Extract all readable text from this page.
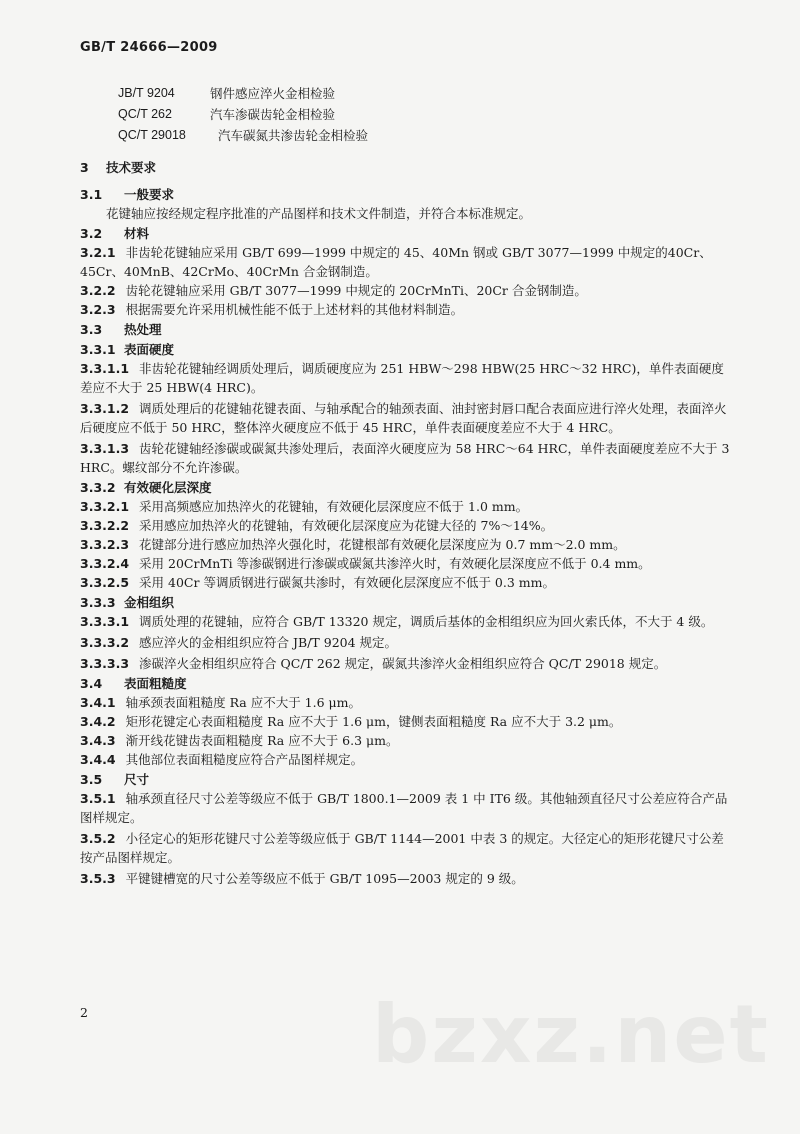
GB/T 24666—2009
JB/T 9204	钢件感应淬火金相检验
QC/T 262	汽车渗碳齿轮金相检验
QC/T 29018	汽车碳氮共渗齿轮金相检验
3	技术要求
3.1	一般要求

花键轴应按经规定程序批准的产品图样和技术文件制造，并符合本标准规定。

3.2	材料

3.2.1 非齿轮花键轴应采用 GB/T 699—1999 中规定的 45、40Mn 钢或 GB/T 3077—1999 中规定的40Cr、45Cr、40MnB、42CrMo、40CrMn 合金钢制造。

3.2.2 齿轮花键轴应采用 GB/T 3077—1999 中规定的 20CrMnTi、20Cr 合金钢制造。

3.2.3 根据需要允许采用机械性能不低于上述材料的其他材料制造。

3.3	热处理
3.3.1 表面硬度

3.3.1.1 非齿轮花键轴经调质处理后，调质硬度应为 251 HBW～298 HBW(25 HRC～32 HRC)，单件表面硬度差应不大于 25 HBW(4 HRC)。

3.3.1.2 调质处理后的花键轴花键表面、与轴承配合的轴颈表面、油封密封唇口配合表面应进行淬火处理，表面淬火后硬度应不低于 50 HRC，整体淬火硬度应不低于 45 HRC，单件表面硬度差应不大于 4 HRC。

3.3.1.3 齿轮花键轴经渗碳或碳氮共渗处理后，表面淬火硬度应为 58 HRC～64 HRC，单件表面硬度差应不大于 3 HRC。螺纹部分不允许渗碳。

3.3.2 有效硬化层深度

3.3.2.1 采用高频感应加热淬火的花键轴，有效硬化层深度应不低于 1.0 mm。

3.3.2.2 采用感应加热淬火的花键轴，有效硬化层深度应为花键大径的 7%～14%。

3.3.2.3 花键部分进行感应加热淬火强化时，花键根部有效硬化层深度应为 0.7 mm～2.0 mm。

3.3.2.4 采用 20CrMnTi 等渗碳钢进行渗碳或碳氮共渗淬火时，有效硬化层深度应不低于 0.4 mm。

3.3.2.5 采用 40Cr 等调质钢进行碳氮共渗时，有效硬化层深度应不低于 0.3 mm。

3.3.3 金相组织

3.3.3.1 调质处理的花键轴，应符合 GB/T 13320 规定，调质后基体的金相组织应为回火索氏体，不大于 4 级。

3.3.3.2 感应淬火的金相组织应符合 JB/T 9204 规定。

3.3.3.3 渗碳淬火金相组织应符合 QC/T 262 规定，碳氮共渗淬火金相组织应符合 QC/T 29018 规定。

3.4	表面粗糙度

3.4.1 轴承颈表面粗糙度 Ra 应不大于 1.6 μm。

3.4.2 矩形花键定心表面粗糙度 Ra 应不大于 1.6 μm，键侧表面粗糙度 Ra 应不大于 3.2 μm。

3.4.3 渐开线花键齿表面粗糙度 Ra 应不大于 6.3 μm。

3.4.4 其他部位表面粗糙度应符合产品图样规定。

3.5	尺寸

3.5.1 轴承颈直径尺寸公差等级应不低于 GB/T 1800.1—2009 表 1 中 IT6 级。其他轴颈直径尺寸公差应符合产品图样规定。

3.5.2 小径定心的矩形花键尺寸公差等级应低于 GB/T 1144—2001 中表 3 的规定。大径定心的矩形花键尺寸公差按产品图样规定。

3.5.3 平键键槽宽的尺寸公差等级应不低于 GB/T 1095—2003 规定的 9 级。

2	bzxz.net
